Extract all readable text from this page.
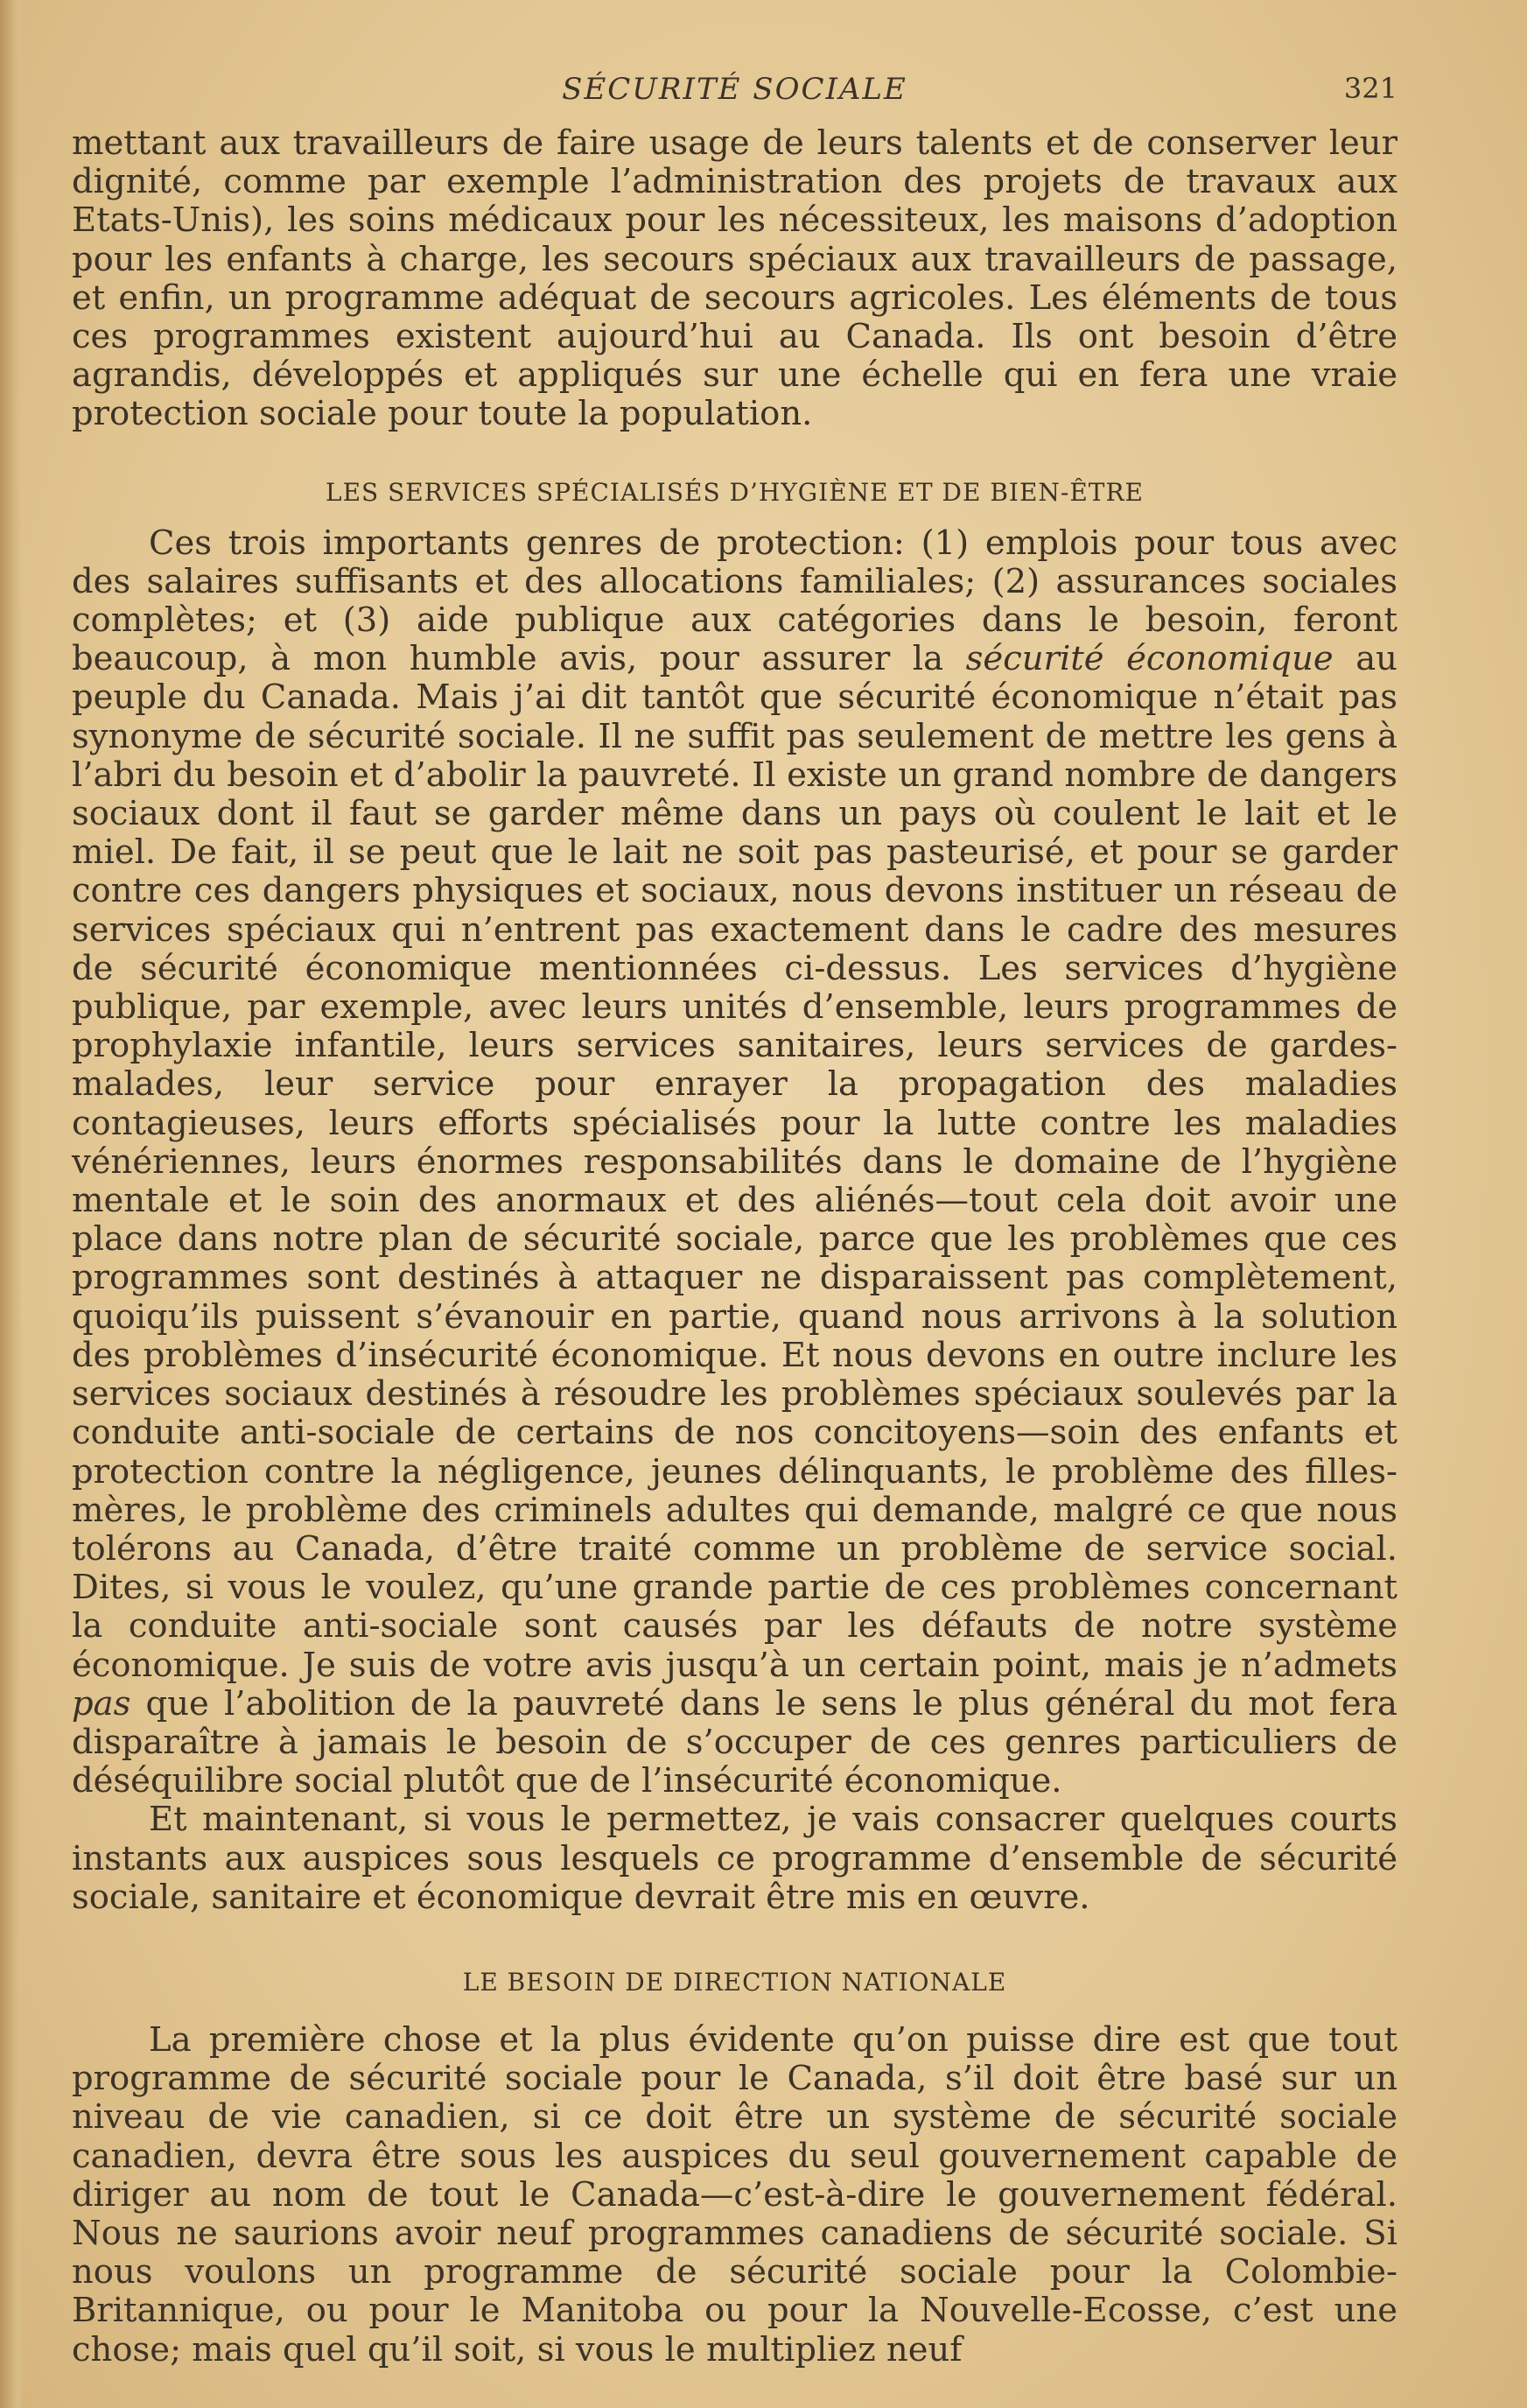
SÉCURITÉ SOCIALE	321

mettant aux travailleurs de faire usage de leurs talents et de conserver leur dignité, comme par exemple l’administration des projets de travaux aux Etats-Unis), les soins médicaux pour les nécessiteux, les maisons d’adoption pour les enfants à charge, les secours spéciaux aux travailleurs de passage, et enfin, un programme adéquat de secours agricoles. Les éléments de tous ces programmes existent aujourd’hui au Canada. Ils ont besoin d’être agrandis, développés et appliqués sur une échelle qui en fera une vraie protection sociale pour toute la population.

LES SERVICES SPÉCIALISÉS D’HYGIÈNE ET DE BIEN-ÊTRE

Ces trois importants genres de protection: (1) emplois pour tous avec des salaires suffisants et des allocations familiales; (2) assurances sociales complètes; et (3) aide publique aux catégories dans le besoin, feront beaucoup, à mon humble avis, pour assurer la sécurité économique au peuple du Canada. Mais j’ai dit tantôt que sécurité économique n’était pas synonyme de sécurité sociale. Il ne suffit pas seulement de mettre les gens à l’abri du besoin et d’abolir la pauvreté. Il existe un grand nombre de dangers sociaux dont il faut se garder même dans un pays où coulent le lait et le miel. De fait, il se peut que le lait ne soit pas pasteurisé, et pour se garder contre ces dangers physiques et sociaux, nous devons instituer un réseau de services spéciaux qui n’entrent pas exactement dans le cadre des mesures de sécurité économique mentionnées ci-dessus. Les services d’hygiène publique, par exemple, avec leurs unités d’ensemble, leurs programmes de prophylaxie infantile, leurs services sanitaires, leurs services de gardes-malades, leur service pour enrayer la propagation des maladies contagieuses, leurs efforts spécialisés pour la lutte contre les maladies vénériennes, leurs énormes responsabilités dans le domaine de l’hygiène mentale et le soin des anormaux et des aliénés—tout cela doit avoir une place dans notre plan de sécurité sociale, parce que les problèmes que ces programmes sont destinés à attaquer ne disparaissent pas complètement, quoiqu’ils puissent s’évanouir en partie, quand nous arrivons à la solution des problèmes d’insécurité économique. Et nous devons en outre inclure les services sociaux destinés à résoudre les problèmes spéciaux soulevés par la conduite anti-sociale de certains de nos concitoyens—soin des enfants et protection contre la négligence, jeunes délinquants, le problème des filles-mères, le problème des criminels adultes qui demande, malgré ce que nous tolérons au Canada, d’être traité comme un problème de service social. Dites, si vous le voulez, qu’une grande partie de ces problèmes concernant la conduite anti-sociale sont causés par les défauts de notre système économique. Je suis de votre avis jusqu’à un certain point, mais je n’admets pas que l’abolition de la pauvreté dans le sens le plus général du mot fera disparaître à jamais le besoin de s’occuper de ces genres particuliers de déséquilibre social plutôt que de l’insécurité économique.

Et maintenant, si vous le permettez, je vais consacrer quelques courts instants aux auspices sous lesquels ce programme d’ensemble de sécurité sociale, sanitaire et économique devrait être mis en œuvre.

LE BESOIN DE DIRECTION NATIONALE

La première chose et la plus évidente qu’on puisse dire est que tout programme de sécurité sociale pour le Canada, s’il doit être basé sur un niveau de vie canadien, si ce doit être un système de sécurité sociale canadien, devra être sous les auspices du seul gouvernement capable de diriger au nom de tout le Canada—c’est-à-dire le gouvernement fédéral. Nous ne saurions avoir neuf programmes canadiens de sécurité sociale. Si nous voulons un programme de sécurité sociale pour la Colombie-Britannique, ou pour le Manitoba ou pour la Nouvelle-Ecosse, c’est une chose; mais quel qu’il soit, si vous le multipliez neuf
